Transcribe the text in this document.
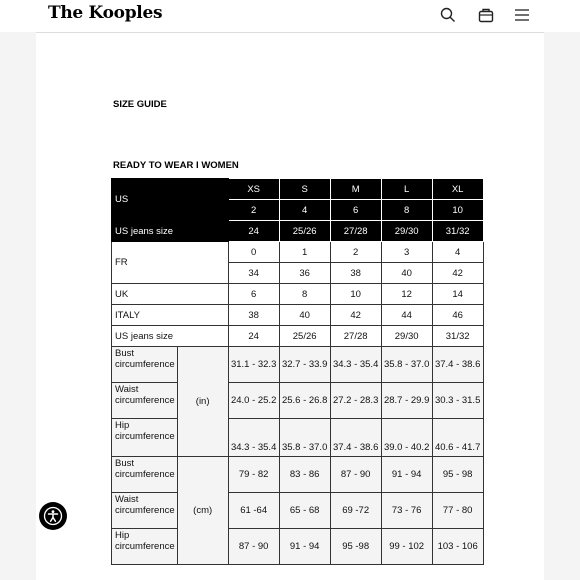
The Kooples
SIZE GUIDE
READY TO WEAR I WOMEN
US		XS	S	M	L	XL
		2	4	6	8	10
US jeans size		24	25/26	27/28	29/30	31/32
FR		0	1	2	3	4
		34	36	38	40	42
UK		6	8	10	12	14
ITALY		38	40	42	44	46
US jeans size		24	25/26	27/28	29/30	31/32
Bust circumference	(in)	31.1 - 32.3	32.7 - 33.9	34.3 - 35.4	35.8 - 37.0	37.4 - 38.6
Waist circumference		24.0 - 25.2	25.6 - 26.8	27.2 - 28.3	28.7 - 29.9	30.3 - 31.5
Hip circumference		34.3 - 35.4	35.8 - 37.0	37.4 - 38.6	39.0 - 40.2	40.6 - 41.7
Bust circumference	(cm)	79 - 82	83 - 86	87 - 90	91 - 94	95 - 98
Waist circumference		61 -64	65 - 68	69 -72	73 - 76	77 - 80
Hip circumference		87 - 90	91 - 94	95 -98	99 - 102	103 - 106
